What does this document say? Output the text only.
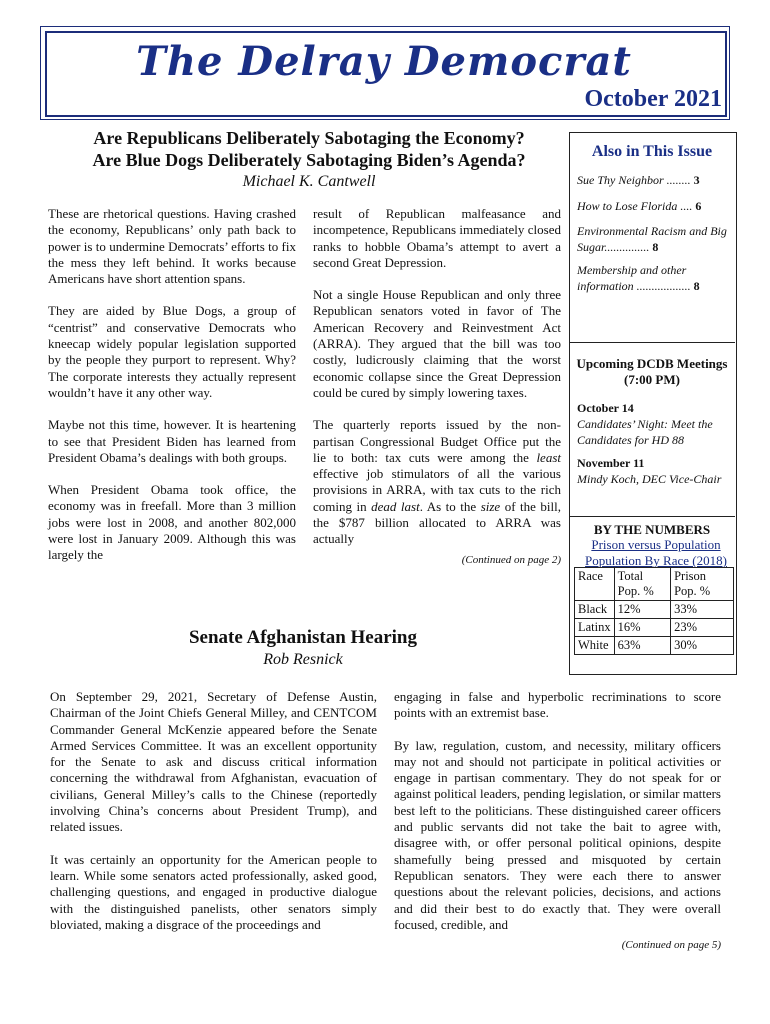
The Delray Democrat
October 2021
Are Republicans Deliberately Sabotaging the Economy?
Are Blue Dogs Deliberately Sabotaging Biden’s Agenda?
Michael K. Cantwell

These are rhetorical questions. Having crashed the economy, Republicans’ only path back to power is to undermine Democrats’ efforts to fix the mess they left behind. It works because Americans have short attention spans.

They are aided by Blue Dogs, a group of “centrist” and conservative Democrats who kneecap widely popular legislation supported by the people they purport to represent. Why? The corporate interests they actually represent wouldn’t have it any other way.

Maybe not this time, however. It is heartening to see that President Biden has learned from President Obama’s dealings with both groups.

When President Obama took office, the economy was in freefall. More than 3 million jobs were lost in 2008, and another 802,000 were lost in January 2009. Although this was largely the

result of Republican malfeasance and incompetence, Republicans immediately closed ranks to hobble Obama’s attempt to avert a second Great Depression.

Not a single House Republican and only three Republican senators voted in favor of The American Recovery and Reinvestment Act (ARRA). They argued that the bill was too costly, ludicrously claiming that the worst economic collapse since the Great Depression could be cured by simply lowering taxes.

The quarterly reports issued by the non-partisan Congressional Budget Office put the lie to both: tax cuts were among the least effective job stimulators of all the various provisions in ARRA, with tax cuts to the rich coming in dead last. As to the size of the bill, the $787 billion allocated to ARRA was actually

(Continued on page 2)
Also in This Issue
Sue Thy Neighbor ........ 3
How to Lose Florida .... 6
Environmental Racism and Big Sugar............... 8
Membership and other information .................. 8
Upcoming DCDB Meetings (7:00 PM)
October 14
Candidates’ Night: Meet the Candidates for HD 88
November 11
Mindy Koch, DEC Vice-Chair
BY THE NUMBERS
Prison versus Population Population By Race (2018)
Race	Total Pop. %	Prison Pop. %
Black	12%	33%
Latinx	16%	23%
White	63%	30%
Senate Afghanistan Hearing
Rob Resnick

On September 29, 2021, Secretary of Defense Austin, Chairman of the Joint Chiefs General Milley, and CENTCOM Commander General McKenzie appeared before the Senate Armed Services Committee. It was an excellent opportunity for the Senate to ask and discuss critical information concerning the withdrawal from Afghanistan, evacuation of civilians, General Milley’s calls to the Chinese (reportedly involving China’s concerns about President Trump), and related issues.

It was certainly an opportunity for the American people to learn. While some senators acted professionally, asked good, challenging questions, and engaged in productive dialogue with the distinguished panelists, other senators simply bloviated, making a disgrace of the proceedings and

engaging in false and hyperbolic recriminations to score points with an extremist base.

By law, regulation, custom, and necessity, military officers may not and should not participate in political activities or engage in partisan commentary. They do not speak for or against political leaders, pending legislation, or similar matters best left to the politicians. These distinguished career officers and public servants did not take the bait to agree with, disagree with, or offer personal political opinions, despite shamefully being pressed and misquoted by certain Republican senators. They were each there to answer questions about the relevant policies, decisions, and actions and did their best to do exactly that. They were overall focused, credible, and

(Continued on page 5)
